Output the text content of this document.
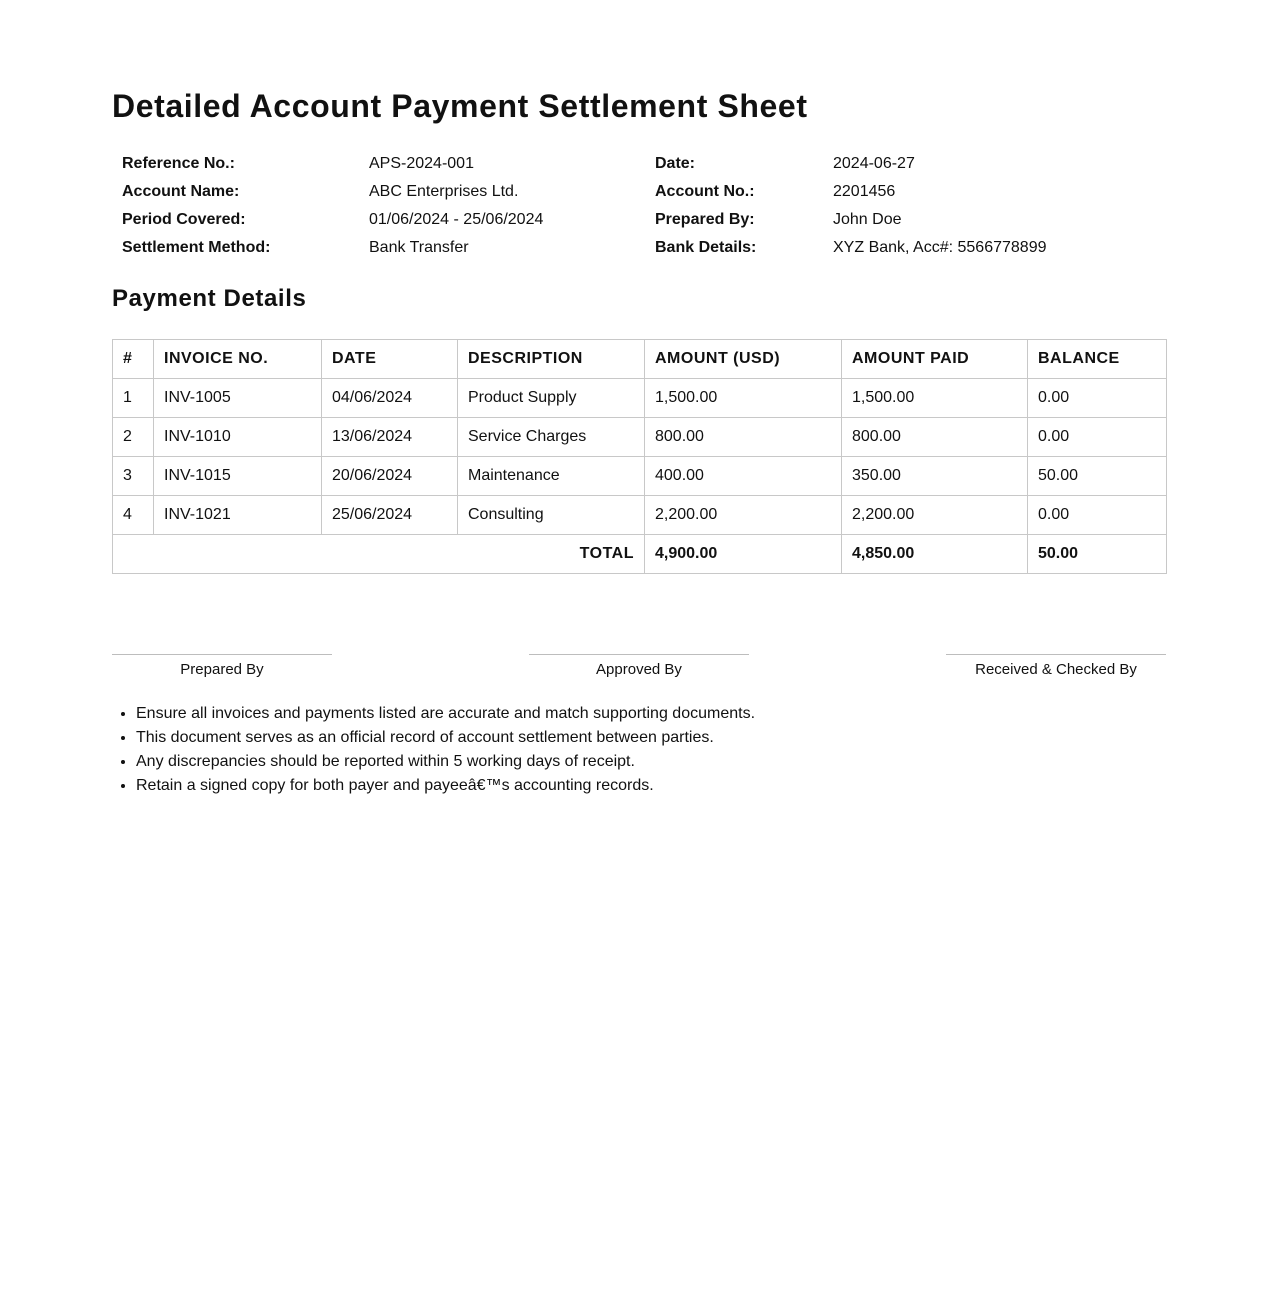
Detailed Account Payment Settlement Sheet
Reference No.:	APS-2024-001	Date:	2024-06-27
Account Name:	ABC Enterprises Ltd.	Account No.:	2201456
Period Covered:	01/06/2024 - 25/06/2024	Prepared By:	John Doe
Settlement Method:	Bank Transfer	Bank Details:	XYZ Bank, Acc#: 5566778899
Payment Details
#	INVOICE NO.	DATE	DESCRIPTION	AMOUNT (USD)	AMOUNT PAID	BALANCE
1	INV-1005	04/06/2024	Product Supply	1,500.00	1,500.00	0.00
2	INV-1010	13/06/2024	Service Charges	800.00	800.00	0.00
3	INV-1015	20/06/2024	Maintenance	400.00	350.00	50.00
4	INV-1021	25/06/2024	Consulting	2,200.00	2,200.00	0.00
TOTAL				4,900.00	4,850.00	50.00
Prepared By	Approved By	Received & Checked By
• Ensure all invoices and payments listed are accurate and match supporting documents.
• This document serves as an official record of account settlement between parties.
• Any discrepancies should be reported within 5 working days of receipt.
• Retain a signed copy for both payer and payeeâ€™s accounting records.
